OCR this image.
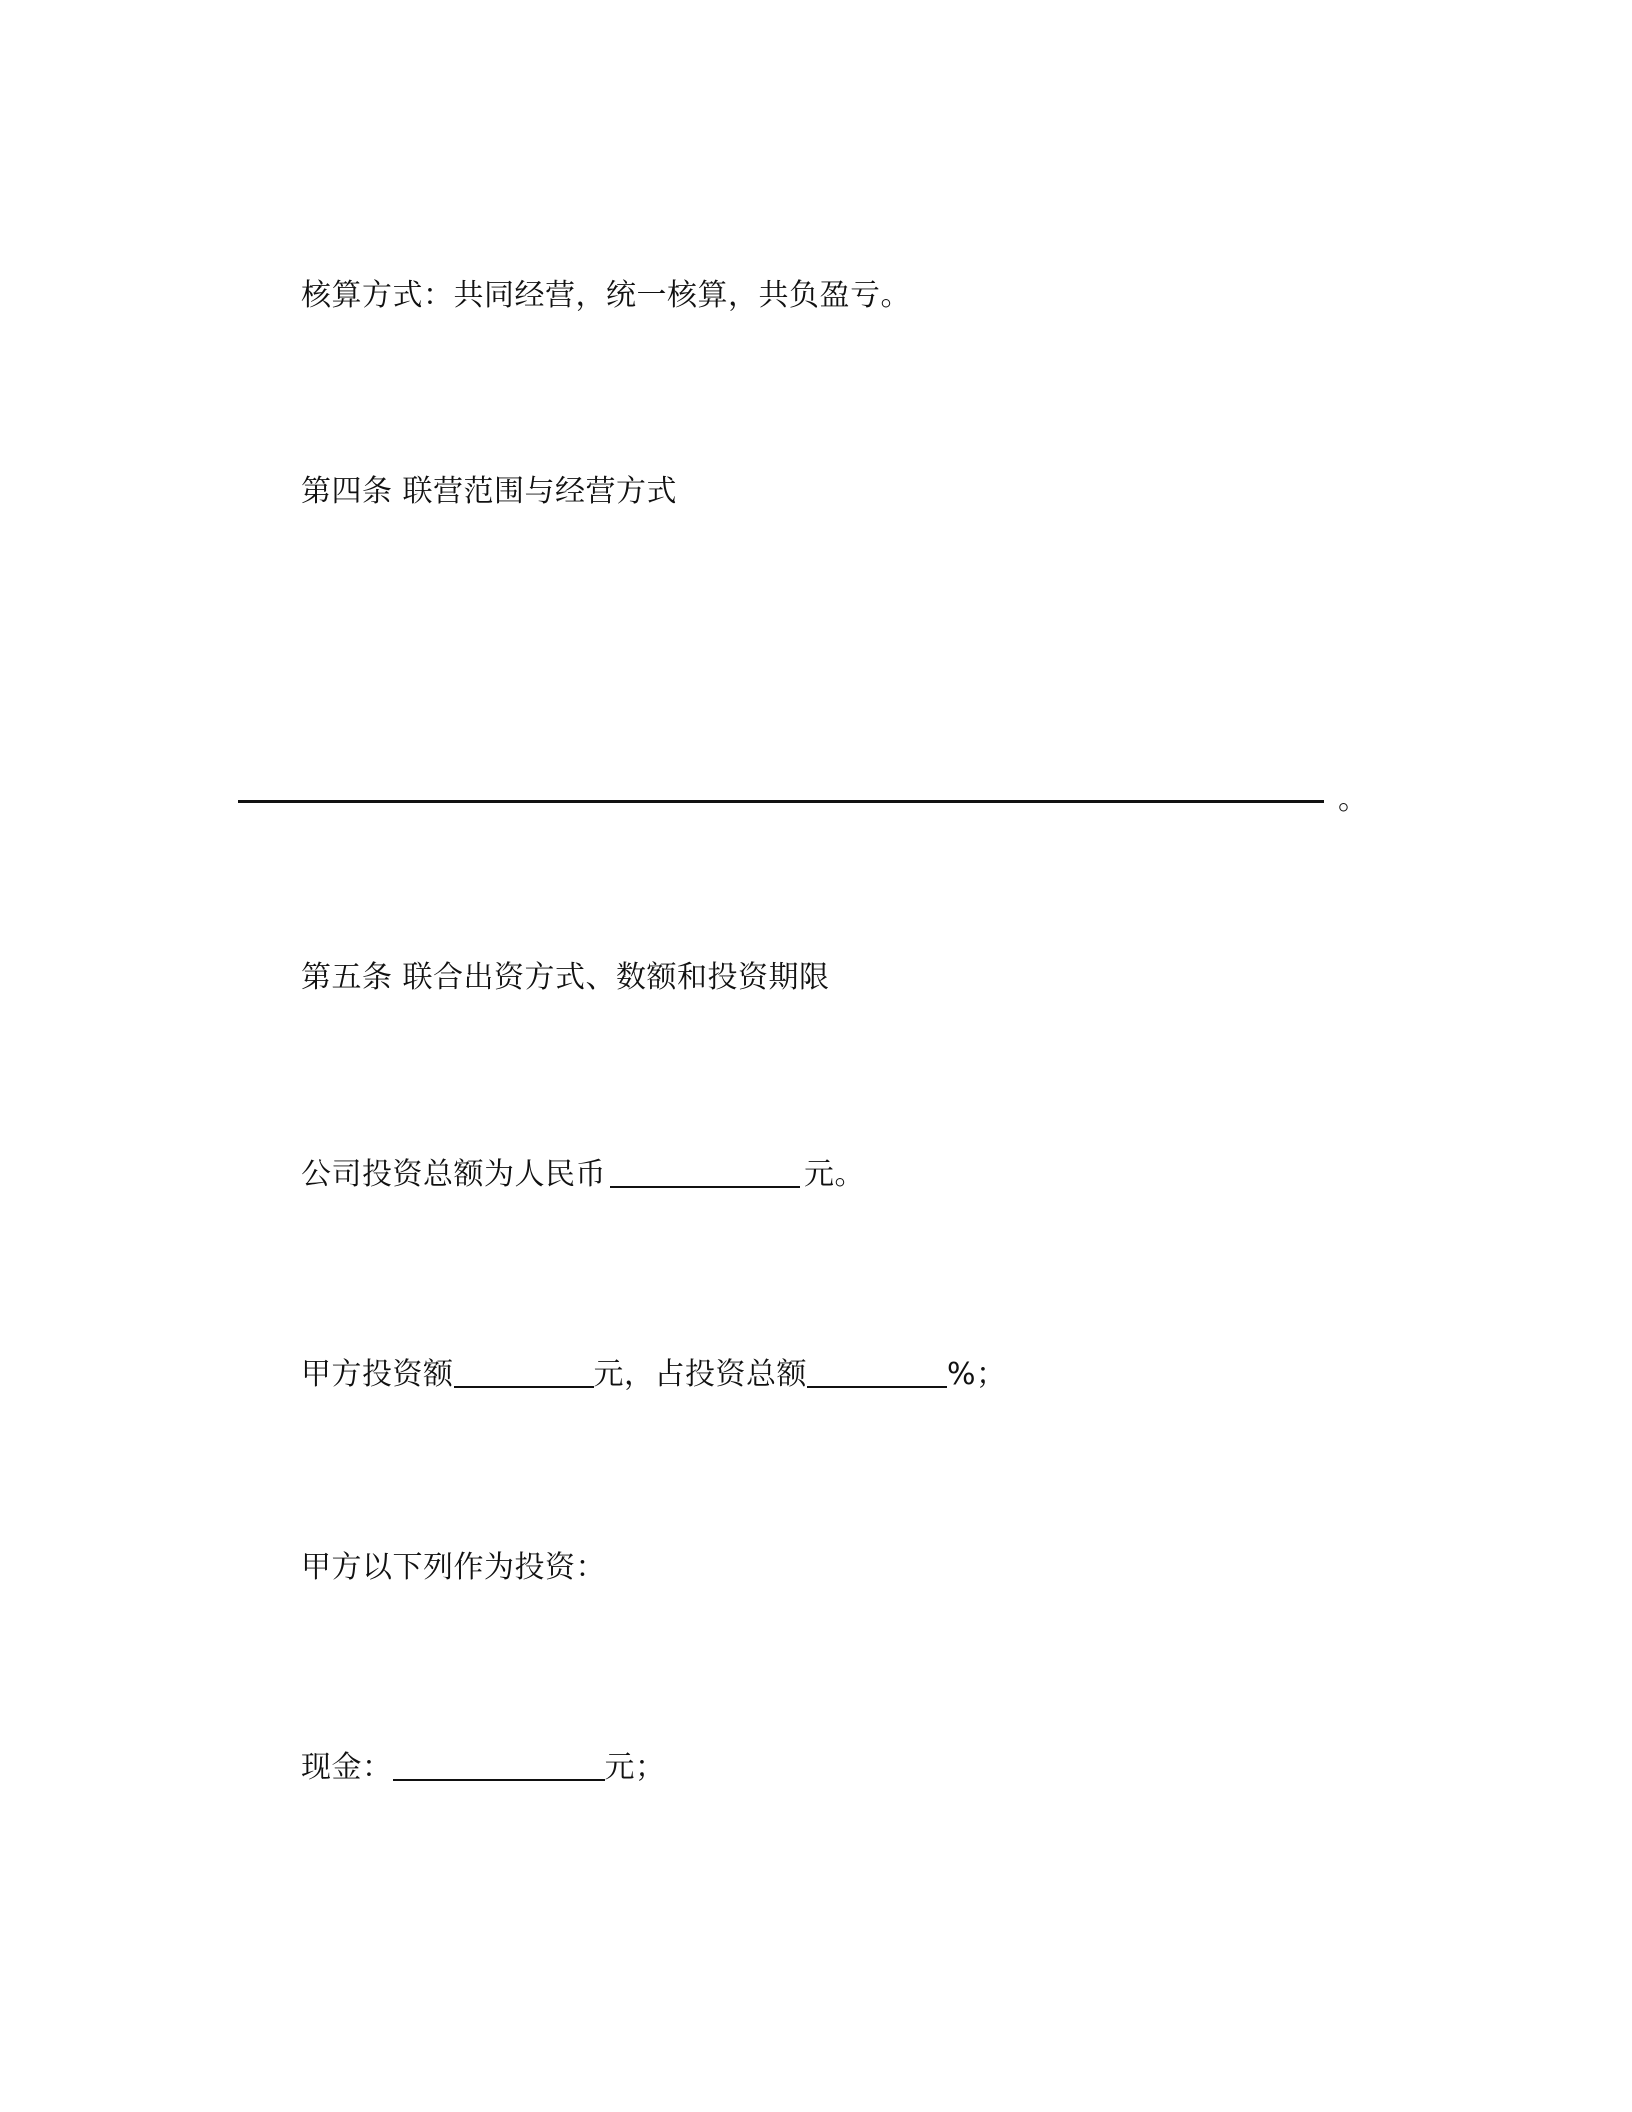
核算方式：共同经营，统一核算，共负盈亏。
第四条 联营范围与经营方式
。
第五条 联合出资方式、数额和投资期限
公司投资总额为人民币	元。
甲方投资额	元，占投资总额	%；
甲方以下列作为投资：
现金：	元；
